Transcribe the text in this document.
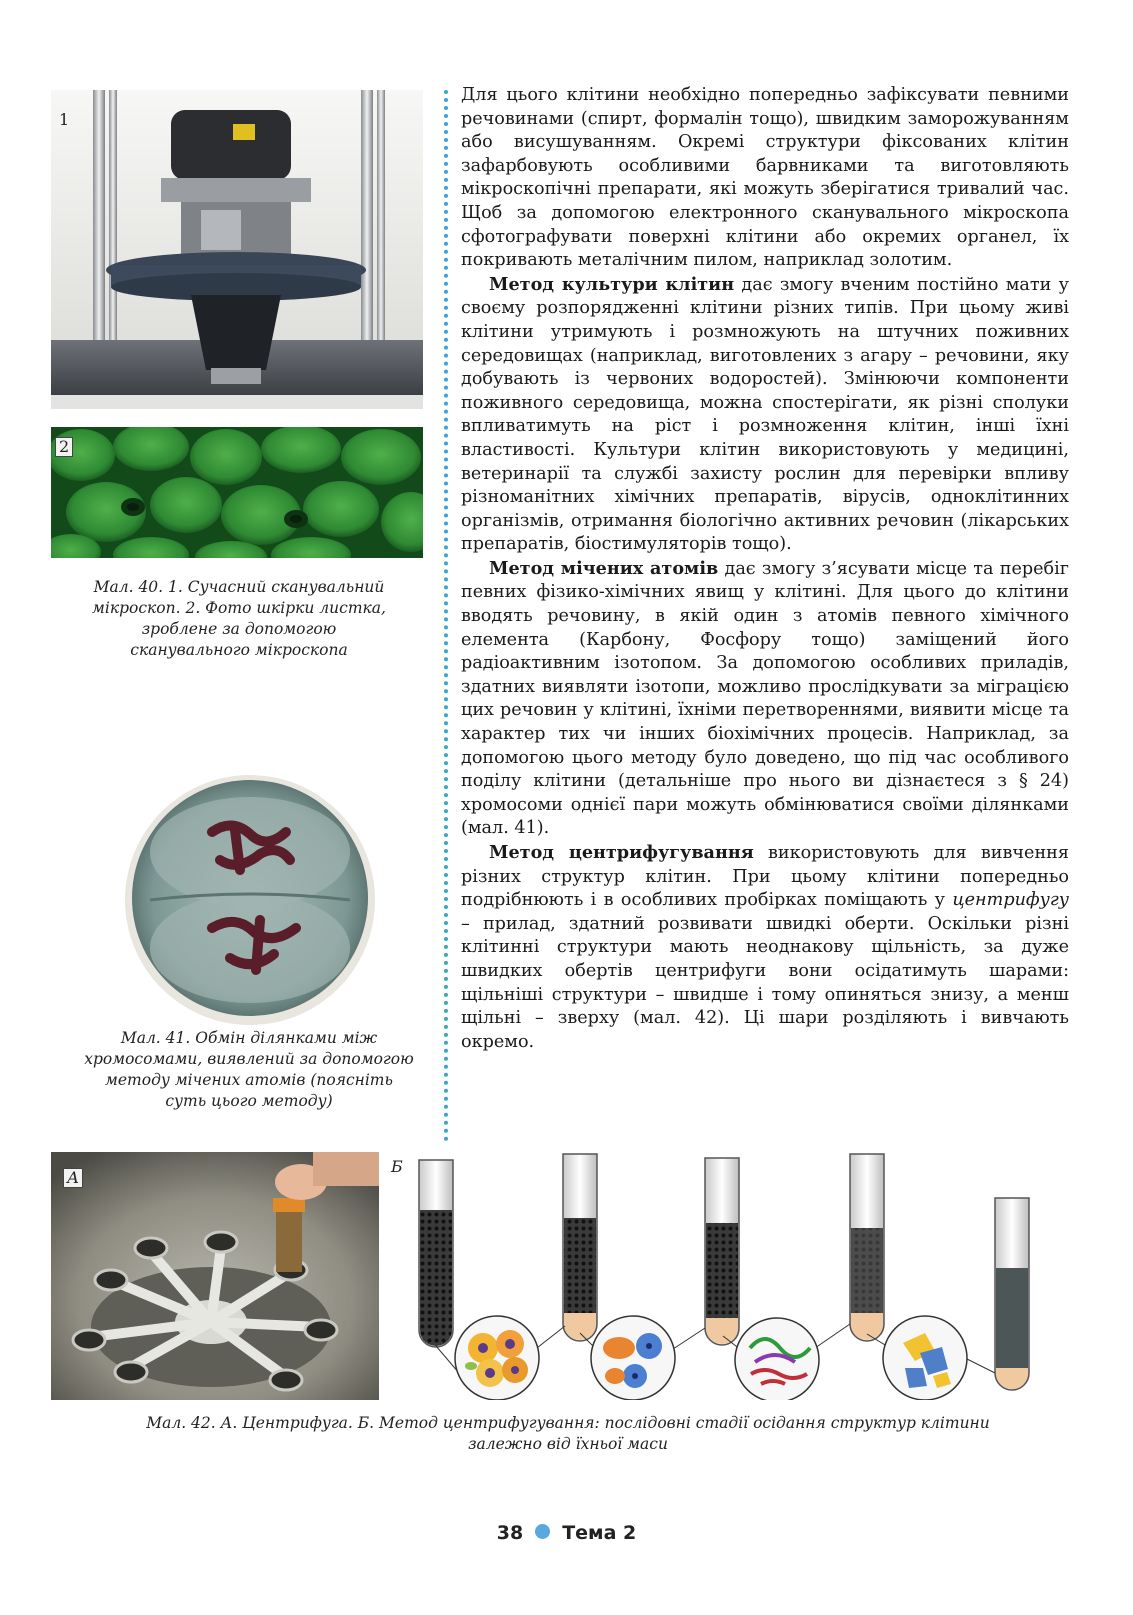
1
2
Мал. 40. 1. Сучасний сканувальний мікроскоп. 2. Фото шкірки листка, зроблене за допомогою сканувального мікроскопа
Мал. 41. Обмін ділянками між хромосомами, виявлений за допомогою методу мічених атомів (поясніть суть цього методу)

Для цього клітини необхідно попередньо зафіксувати певними речовинами (спирт, формалін тощо), швидким заморожуванням або висушуванням. Окремі структури фіксованих клітин зафарбовують особливими барвниками та виготовляють мікроскопічні препарати, які можуть зберігатися тривалий час. Щоб за допомогою електронного сканувального мікроскопа сфотографувати поверхні клітини або окремих органел, їх покривають металічним пилом, наприклад золотим.

Метод культури клітин дає змогу вченим постійно мати у своєму розпорядженні клітини різних типів. При цьому живі клітини утримують і розмножують на штучних поживних середовищах (наприклад, виготовлених з агару – речовини, яку добувають із червоних водоростей). Змінюючи компоненти поживного середовища, можна спостерігати, як різні сполуки впливатимуть на ріст і розмноження клітин, інші їхні властивості. Культури клітин використовують у медицині, ветеринарії та службі захисту рослин для перевірки впливу різноманітних хімічних препаратів, вірусів, одноклітинних організмів, отримання біологічно активних речовин (лікарських препаратів, біостимуляторів тощо).

Метод мічених атомів дає змогу з’ясувати місце та перебіг певних фізико-хімічних явищ у клітині. Для цього до клітини вводять речовину, в якій один з атомів певного хімічного елемента (Карбону, Фосфору тощо) заміщений його радіоактивним ізотопом. За допомогою особливих приладів, здатних виявляти ізотопи, можливо прослідкувати за міграцією цих речовин у клітині, їхніми перетвореннями, виявити місце та характер тих чи інших біохімічних процесів. Наприклад, за допомогою цього методу було доведено, що під час особливого поділу клітини (детальніше про нього ви дізнаєтеся з § 24) хромосоми однієї пари можуть обмінюватися своїми ділянками (мал. 41).

Метод центрифугування використовують для вивчення різних структур клітин. При цьому клітини попередньо подрібнюють і в особливих пробірках поміщають у центрифугу – прилад, здатний розвивати швидкі оберти. Оскільки різні клітинні структури мають неоднакову щільність, за дуже швидких обертів центрифуги вони осідатимуть шарами: щільніші структури – швидше і тому опиняться знизу, а менш щільні – зверху (мал. 42). Ці шари розділяють і вивчають окремо.

А
Б
Мал. 42. А. Центрифуга. Б. Метод центрифугування: послідовні стадії осідання структур клітини
залежно від їхньої маси
38 Тема 2
